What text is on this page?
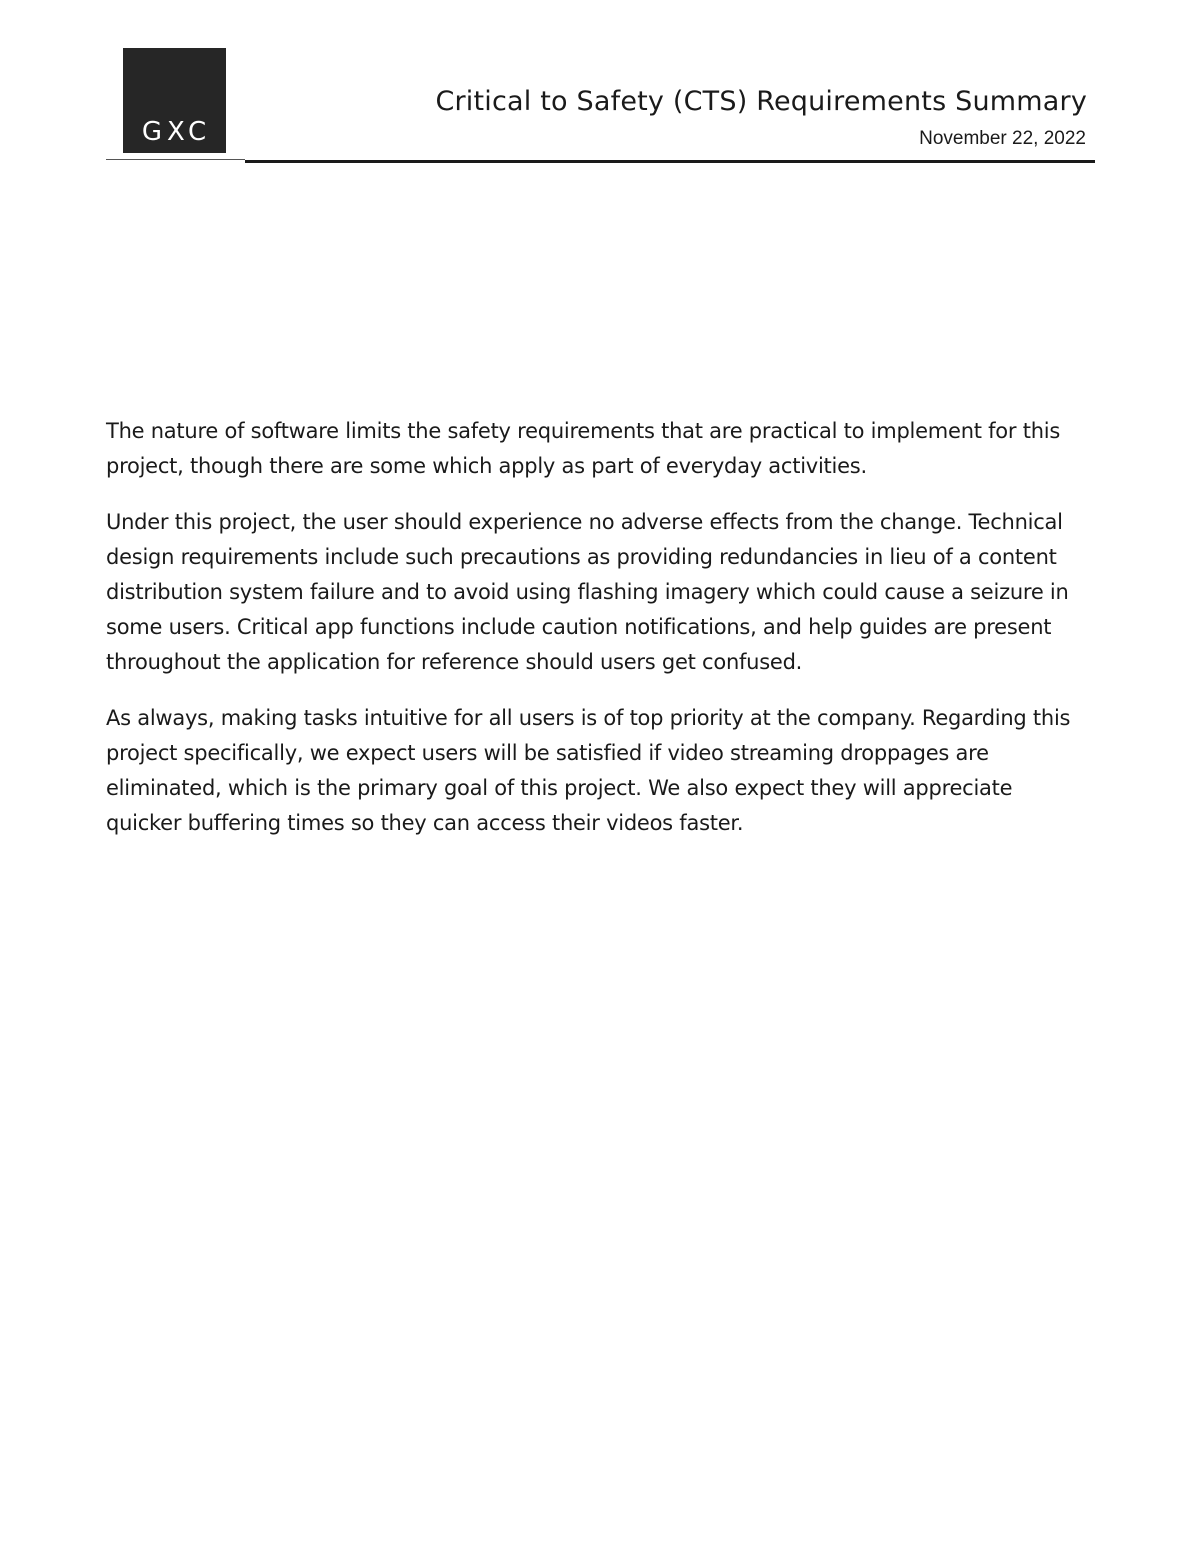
GXC
Critical to Safety (CTS) Requirements Summary
November 22, 2022

The nature of software limits the safety requirements that are practical to implement for this
project, though there are some which apply as part of everyday activities.

Under this project, the user should experience no adverse effects from the change. Technical
design requirements include such precautions as providing redundancies in lieu of a content
distribution system failure and to avoid using flashing imagery which could cause a seizure in
some users. Critical app functions include caution notifications, and help guides are present
throughout the application for reference should users get confused.

As always, making tasks intuitive for all users is of top priority at the company. Regarding this
project specifically, we expect users will be satisfied if video streaming droppages are
eliminated, which is the primary goal of this project. We also expect they will appreciate
quicker buffering times so they can access their videos faster.
